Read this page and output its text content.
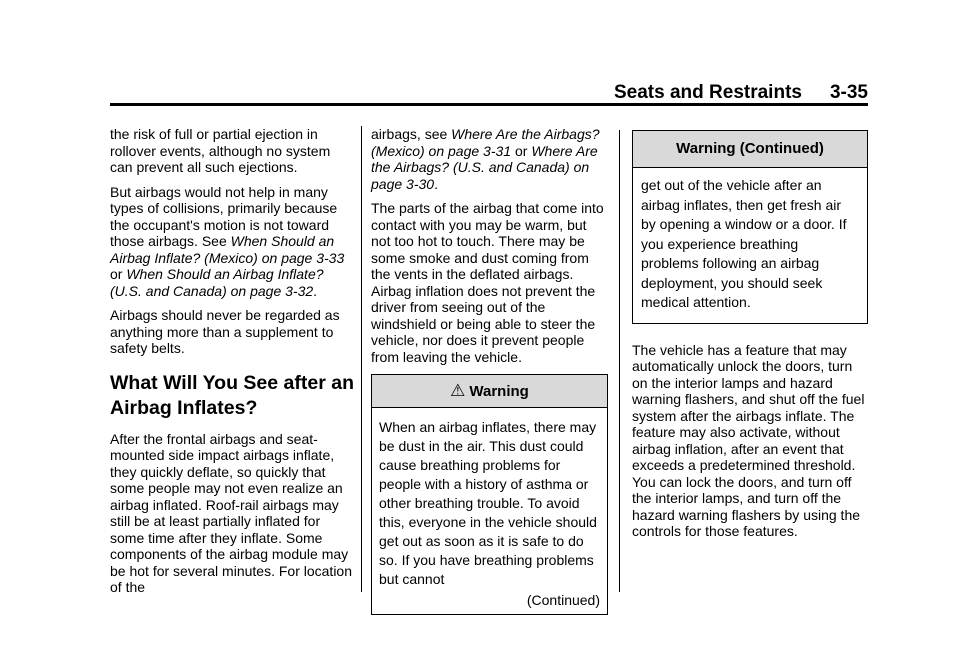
Seats and Restraints 3-35

the risk of full or partial ejection in rollover events, although no system can prevent all such ejections.

But airbags would not help in many types of collisions, primarily because the occupant's motion is not toward those airbags. See When Should an Airbag Inflate? (Mexico) on page 3-33 or When Should an Airbag Inflate? (U.S. and Canada) on page 3-32.

Airbags should never be regarded as anything more than a supplement to safety belts.

What Will You See after an Airbag Inflates?

After the frontal airbags and seat-mounted side impact airbags inflate, they quickly deflate, so quickly that some people may not even realize an airbag inflated. Roof-rail airbags may still be at least partially inflated for some time after they inflate. Some components of the airbag module may be hot for several minutes. For location of the

airbags, see Where Are the Airbags? (Mexico) on page 3-31 or Where Are the Airbags? (U.S. and Canada) on page 3-30.

The parts of the airbag that come into contact with you may be warm, but not too hot to touch. There may be some smoke and dust coming from the vents in the deflated airbags. Airbag inflation does not prevent the driver from seeing out of the windshield or being able to steer the vehicle, nor does it prevent people from leaving the vehicle.

⚠ Warning
When an airbag inflates, there may be dust in the air. This dust could cause breathing problems for people with a history of asthma or other breathing trouble. To avoid this, everyone in the vehicle should get out as soon as it is safe to do so. If you have breathing problems but cannot
(Continued)
Warning (Continued)
get out of the vehicle after an airbag inflates, then get fresh air by opening a window or a door. If you experience breathing problems following an airbag deployment, you should seek medical attention.

The vehicle has a feature that may automatically unlock the doors, turn on the interior lamps and hazard warning flashers, and shut off the fuel system after the airbags inflate. The feature may also activate, without airbag inflation, after an event that exceeds a predetermined threshold. You can lock the doors, and turn off the interior lamps, and turn off the hazard warning flashers by using the controls for those features.
